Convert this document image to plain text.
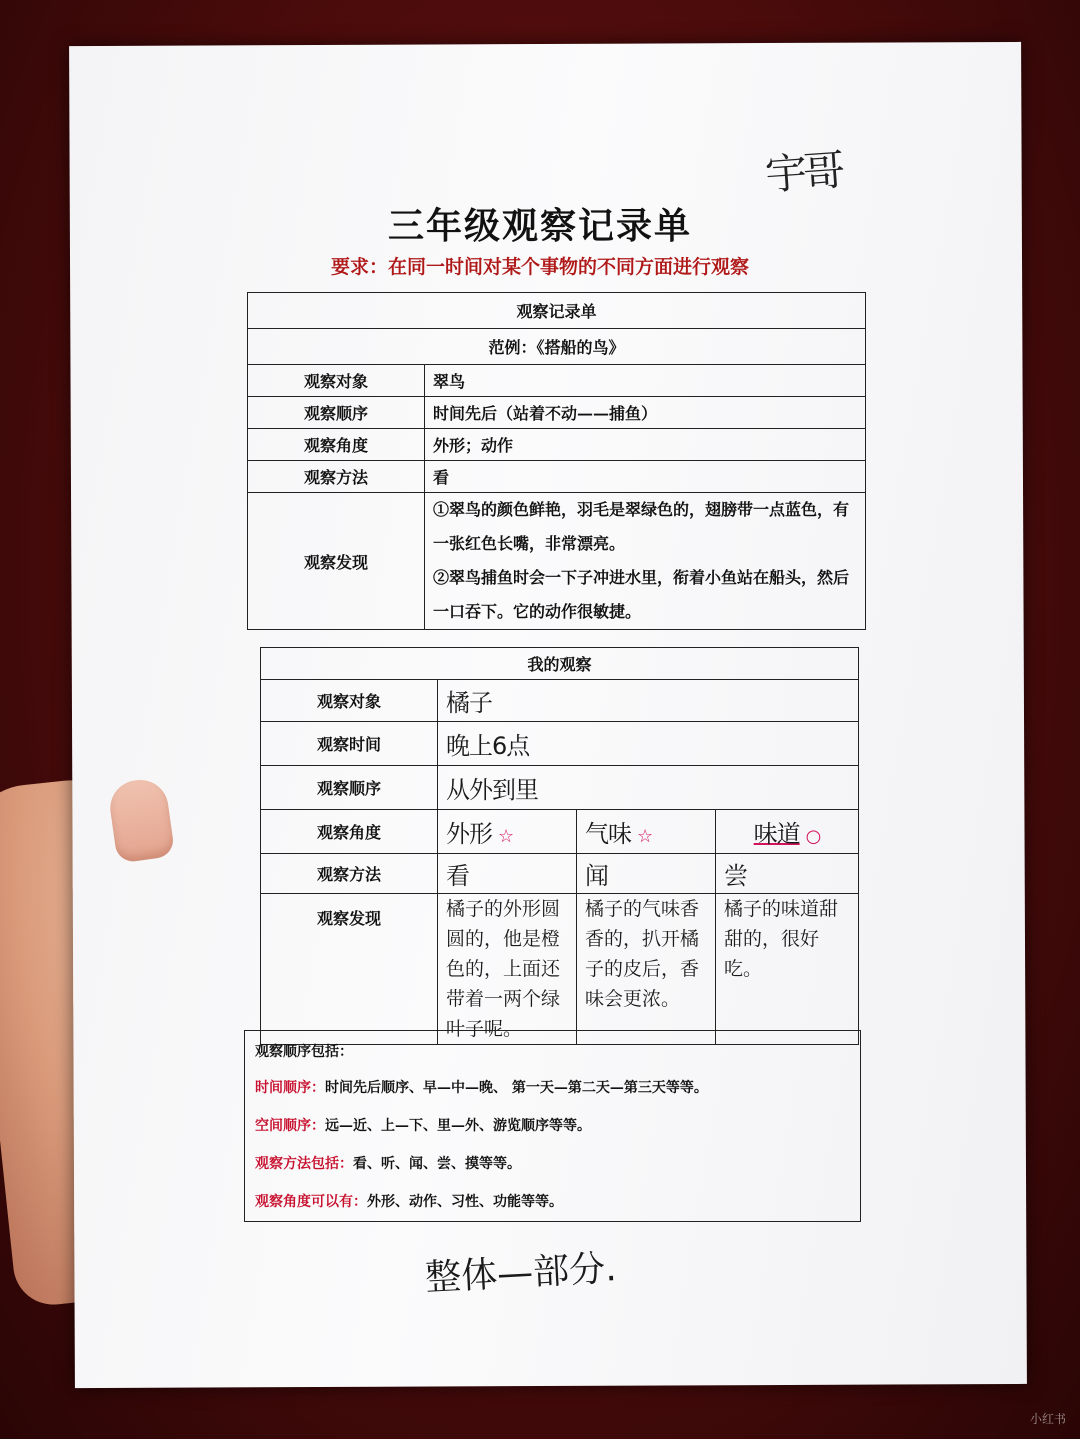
宇哥
三年级观察记录单
要求：在同一时间对某个事物的不同方面进行观察
观察记录单	
范例：《搭船的鸟》	
观察对象	翠鸟
观察顺序	时间先后（站着不动——捕鱼）
观察角度	外形；动作
观察方法	看
观察发现	①翠鸟的颜色鲜艳，羽毛是翠绿色的，翅膀带一点蓝色，有一张红色长嘴，非常漂亮。
②翠鸟捕鱼时会一下子冲进水里，衔着小鱼站在船头，然后一口吞下。它的动作很敏捷。
我的观察			
观察对象	橘子		
观察时间	晚上6点		
观察顺序	从外到里		
观察角度	外形 ☆	气味 ☆	味道 ○
观察方法	看	闻	尝
观察发现	橘子的外形圆圆的，他是橙色的，上面还带着一两个绿叶子呢。	橘子的气味香香的，扒开橘子的皮后，香味会更浓。	橘子的味道甜甜的，很好吃。
观察顺序包括：
时间顺序：时间先后顺序、早—中—晚、 第一天—第二天—第三天等等。
空间顺序：远—近、上—下、里—外、游览顺序等等。
观察方法包括：看、听、闻、尝、摸等等。
观察角度可以有：外形、动作、习性、功能等等。
整体—部分.
小红书
